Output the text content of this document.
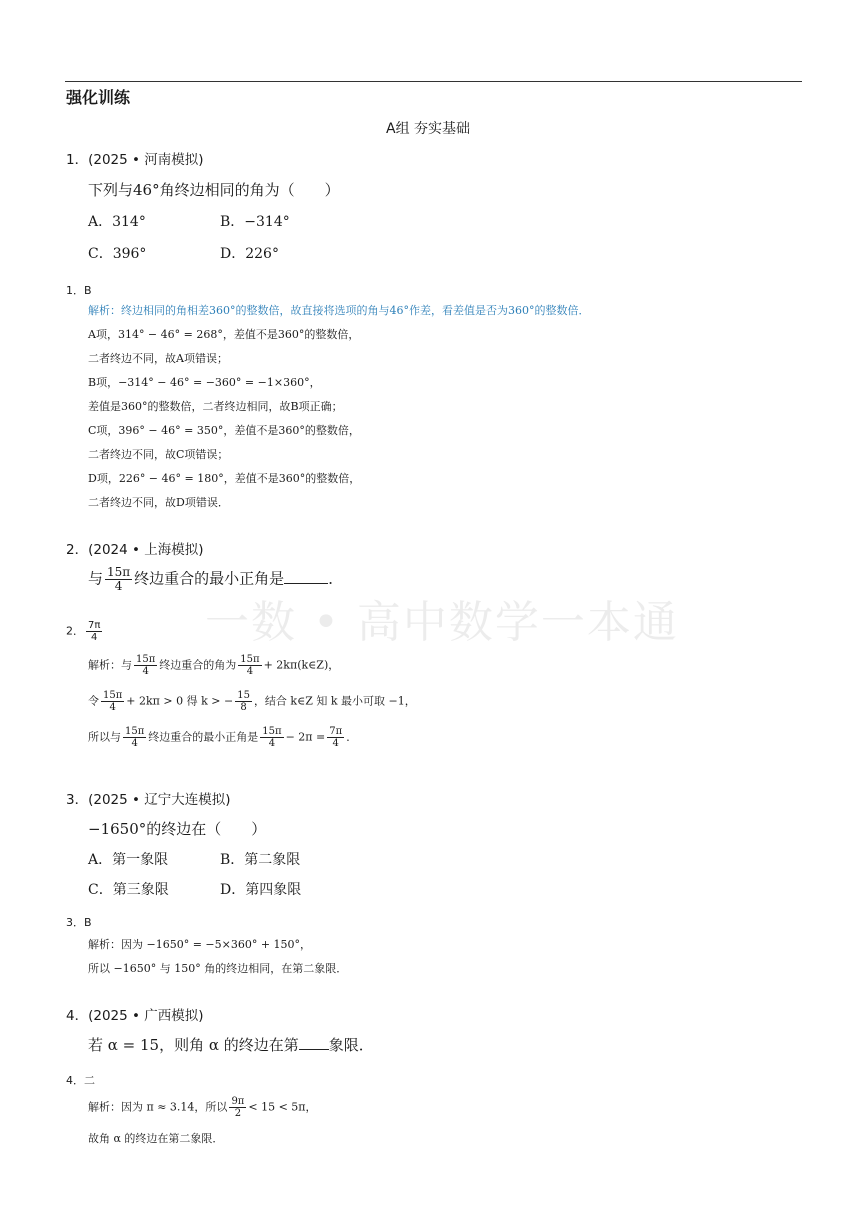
强化训练
A组 夯实基础
1．(2025 • 河南模拟)
下列与46°角终边相同的角为（　　）
A．314°	B．−314°
C．396°	D．226°
1．B
解析：终边相同的角相差360°的整数倍，故直接将选项的角与46°作差，看差值是否为360°的整数倍．
A项，314° − 46° = 268°，差值不是360°的整数倍，
二者终边不同，故A项错误；
B项，−314° − 46° = −360° = −1×360°，
差值是360°的整数倍，二者终边相同，故B项正确；
C项，396° − 46° = 350°，差值不是360°的整数倍，
二者终边不同，故C项错误；
D项，226° − 46° = 180°，差值不是360°的整数倍，
二者终边不同，故D项错误．
2．(2024 • 上海模拟)
与 $\frac{15\pi}{4}$ 终边重合的最小正角是	．
2． $\frac{7\pi}{4}$
解析：与 $\frac{15\pi}{4}$ 终边重合的角为 $\frac{15\pi}{4}$ + 2kπ(k∈Z)，
令 $\frac{15\pi}{4} + 2k\pi > 0$ 得 k > − $\frac{15}{8}$ ，结合 k∈Z 知 k 最小可取 −1，
所以与 $\frac{15\pi}{4}$ 终边重合的最小正角是 $\frac{15\pi}{4} - 2\pi = \frac{7\pi}{4}$ ．
一数 • 高中数学一本通
3．(2025 • 辽宁大连模拟)
−1650°的终边在（　　）
A．第一象限	B．第二象限
C．第三象限	D．第四象限
3．B
解析：因为 −1650° = −5×360° + 150°，
所以 −1650° 与 150° 角的终边相同，在第二象限．
4．(2025 • 广西模拟)
若 α = 15，则角 α 的终边在第 象限．
4．二
解析：因为 π ≈ 3.14，所以 $\frac{9\pi}{2} < 15 < 5\pi$，
故角 α 的终边在第二象限．
